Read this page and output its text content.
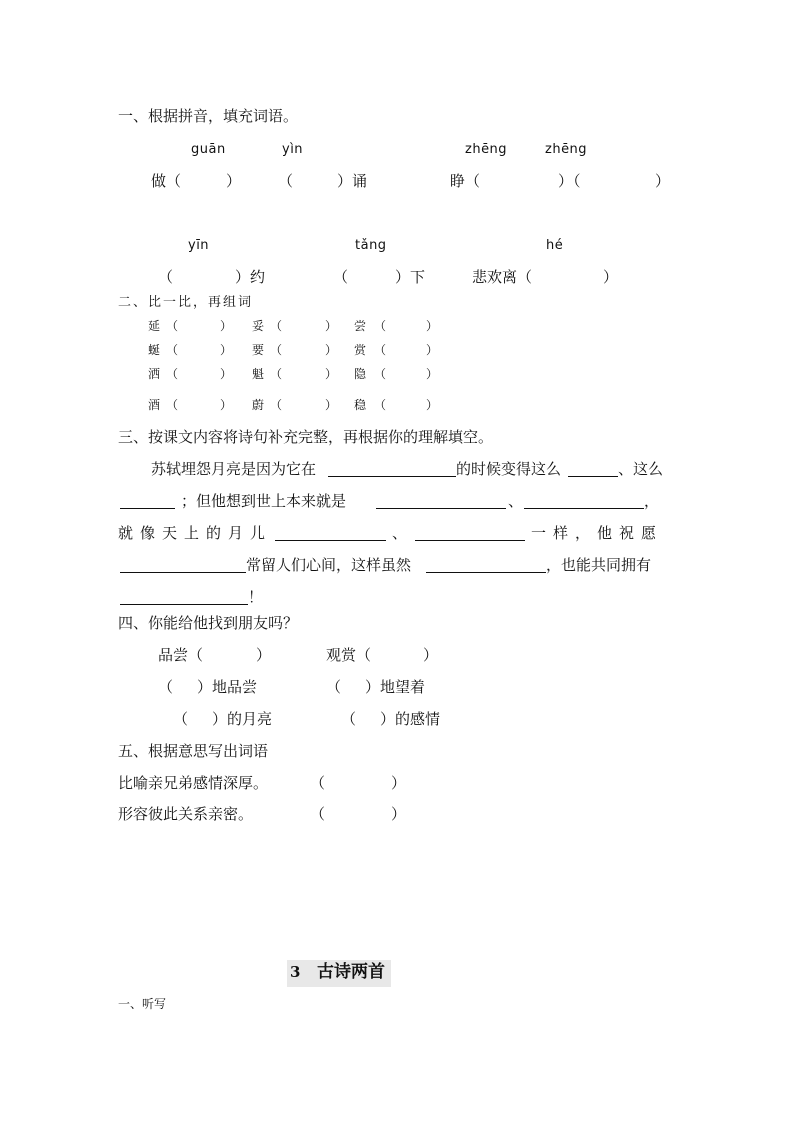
一、根据拼音，填充词语。
guān	yìn	zhēng	zhēng
做（	） （	）诵	睁（	）（	）
yīn	tǎng	hé
（	）约	（	）下	悲欢离（	）
二、比一比，再组词
延 （	） 妥 （	） 尝 （	）
蜒 （	） 要 （	） 赏 （	）
洒 （	） 魁 （	） 隐 （	）
酒 （	） 蔚 （	） 稳 （	）
三、按课文内容将诗句补充完整，再根据你的理解填空。
苏轼埋怨月亮是因为它在	的时候变得这么	、这么
；但他想到世上本来就是	、	，
就像天上的月儿	、	一样，他祝愿
常留人们心间，这样虽然	，也能共同拥有
！
四、你能给他找到朋友吗？
品尝（	）	观赏（	）
（ ）地品尝	（ ）地望着
（ ）的月亮	（ ）的感情
五、根据意思写出词语
比喻亲兄弟感情深厚。	（	）
形容彼此关系亲密。	（	）
3 古诗两首
一、听写
